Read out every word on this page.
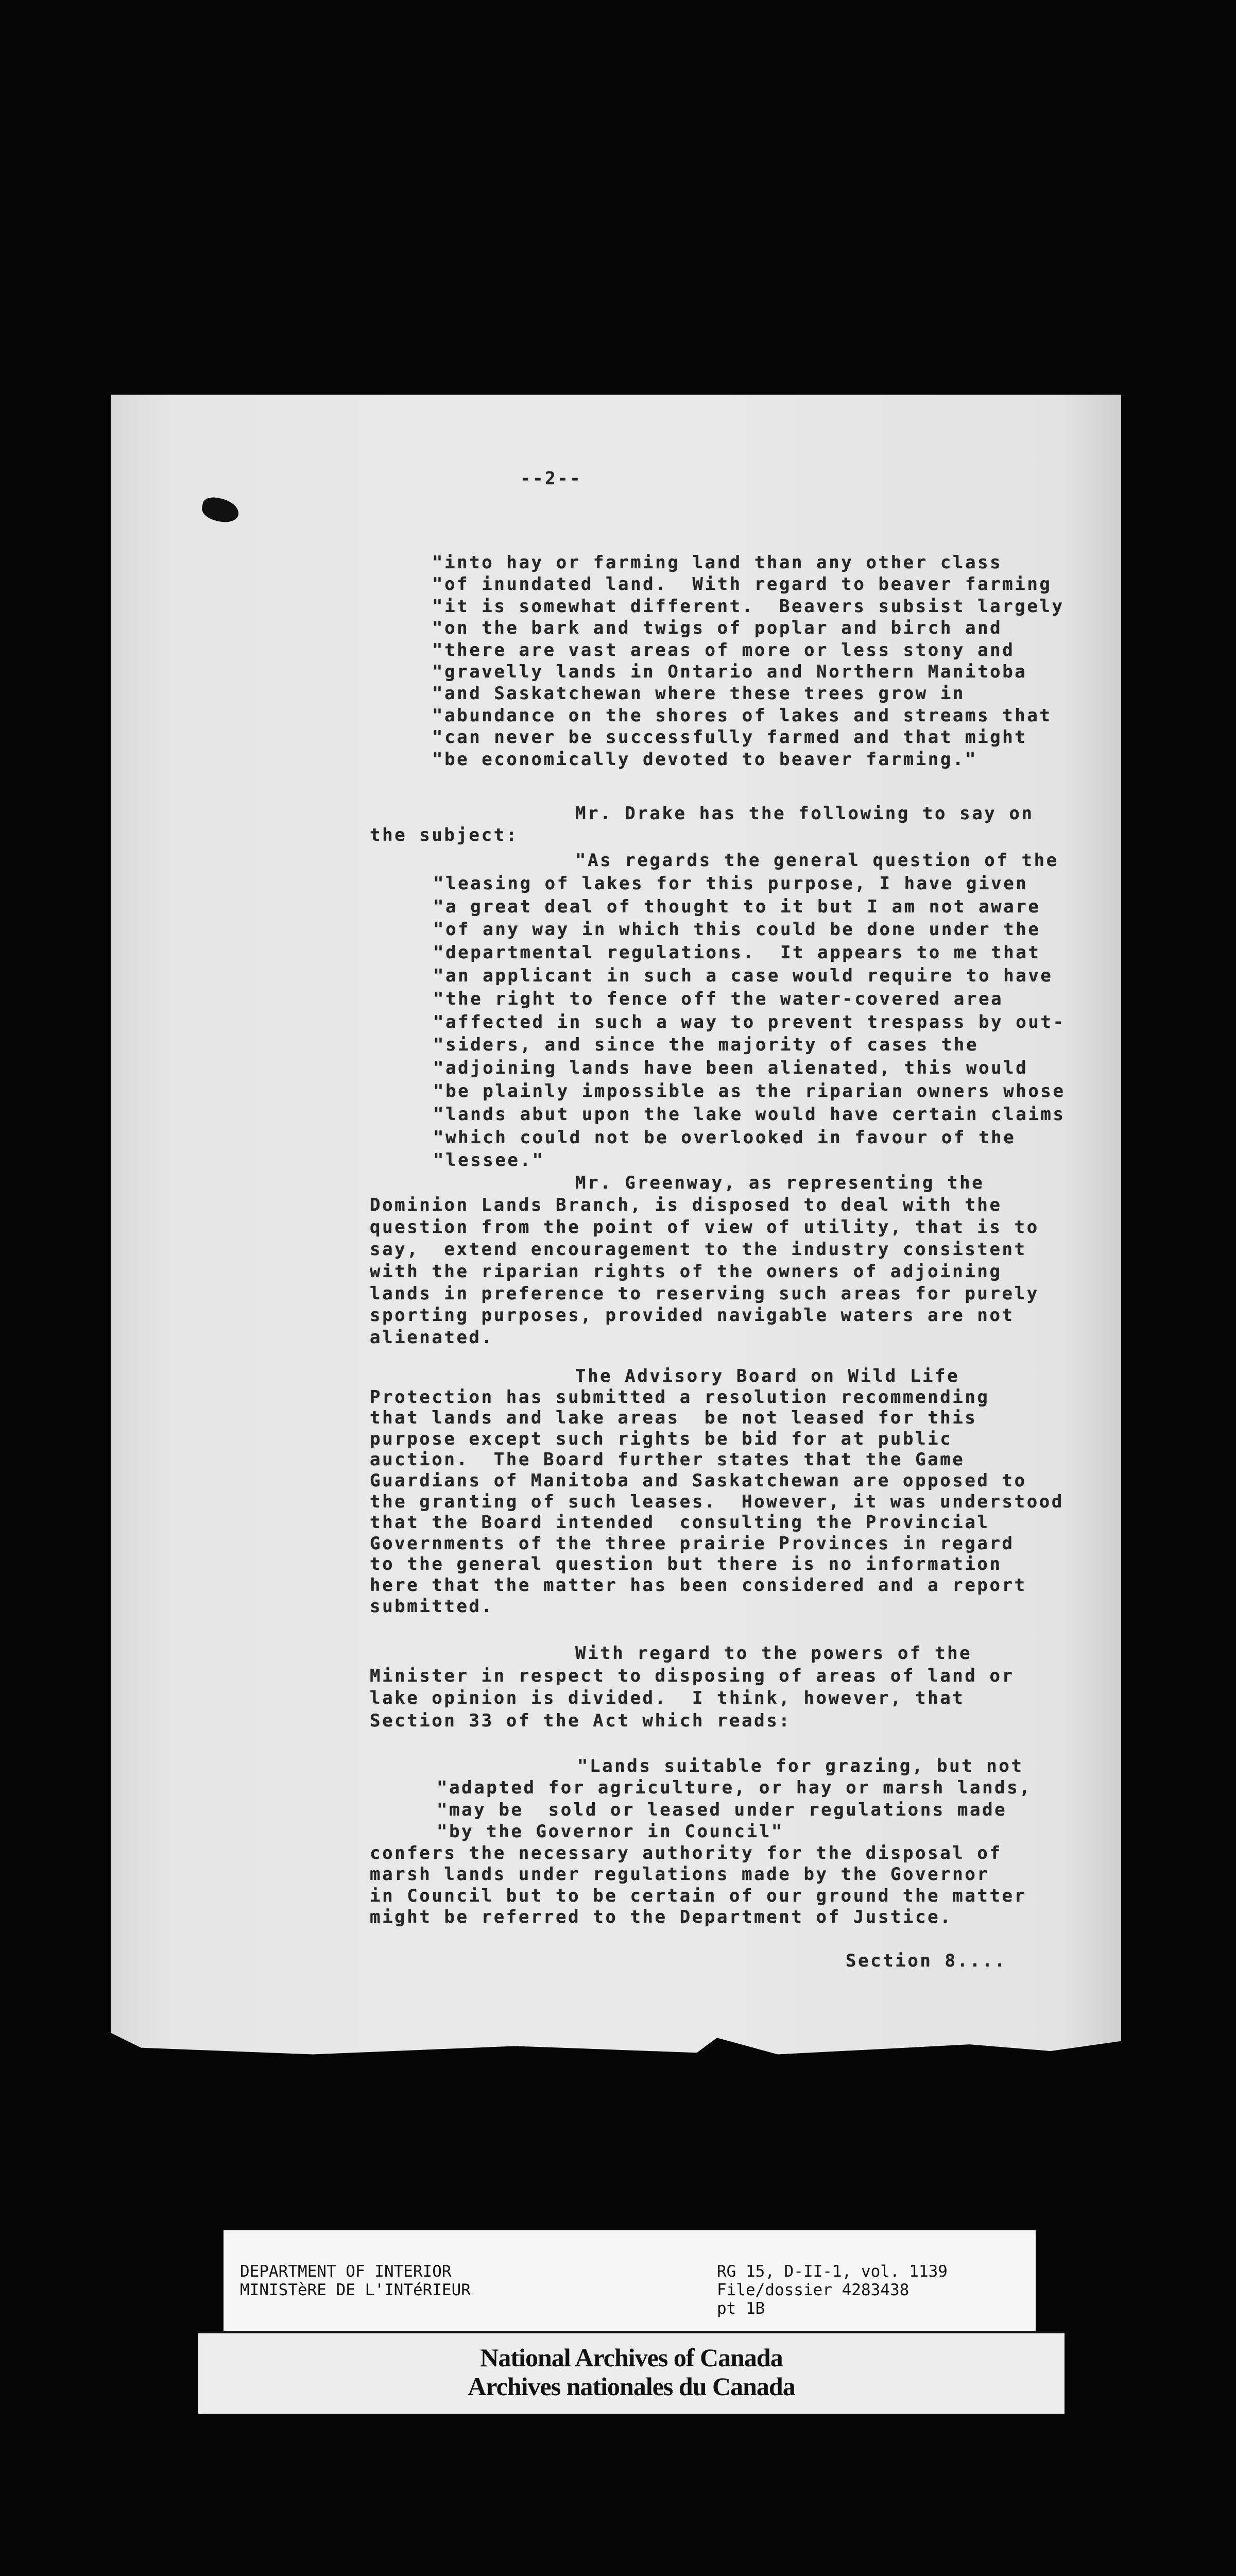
--2--
"into hay or farming land than any other class
"of inundated land.  With regard to beaver farming
"it is somewhat different.  Beavers subsist largely
"on the bark and twigs of poplar and birch and
"there are vast areas of more or less stony and
"gravelly lands in Ontario and Northern Manitoba
"and Saskatchewan where these trees grow in
"abundance on the shores of lakes and streams that
"can never be successfully farmed and that might
"be economically devoted to beaver farming."
Mr. Drake has the following to say on
the subject:
"As regards the general question of the
"leasing of lakes for this purpose, I have given
"a great deal of thought to it but I am not aware
"of any way in which this could be done under the
"departmental regulations.  It appears to me that
"an applicant in such a case would require to have
"the right to fence off the water-covered area
"affected in such a way to prevent trespass by out-
"siders, and since the majority of cases the
"adjoining lands have been alienated, this would
"be plainly impossible as the riparian owners whose
"lands abut upon the lake would have certain claims
"which could not be overlooked in favour of the
"lessee."
Mr. Greenway, as representing the
Dominion Lands Branch, is disposed to deal with the
question from the point of view of utility, that is to
say,  extend encouragement to the industry consistent
with the riparian rights of the owners of adjoining
lands in preference to reserving such areas for purely
sporting purposes, provided navigable waters are not
alienated.
The Advisory Board on Wild Life
Protection has submitted a resolution recommending
that lands and lake areas  be not leased for this
purpose except such rights be bid for at public
auction.  The Board further states that the Game
Guardians of Manitoba and Saskatchewan are opposed to
the granting of such leases.  However, it was understood
that the Board intended  consulting the Provincial
Governments of the three prairie Provinces in regard
to the general question but there is no information
here that the matter has been considered and a report
submitted.
With regard to the powers of the
Minister in respect to disposing of areas of land or
lake opinion is divided.  I think, however, that
Section 33 of the Act which reads:
"Lands suitable for grazing, but not
"adapted for agriculture, or hay or marsh lands,
"may be  sold or leased under regulations made
"by the Governor in Council"
confers the necessary authority for the disposal of
marsh lands under regulations made by the Governor
in Council but to be certain of our ground the matter
might be referred to the Department of Justice.
Section 8....
DEPARTMENT OF INTERIOR
MINISTèRE DE L'INTéRIEUR
RG 15, D-II-1, vol. 1139
File/dossier 4283438
pt 1B
National Archives of Canada
Archives nationales du Canada
